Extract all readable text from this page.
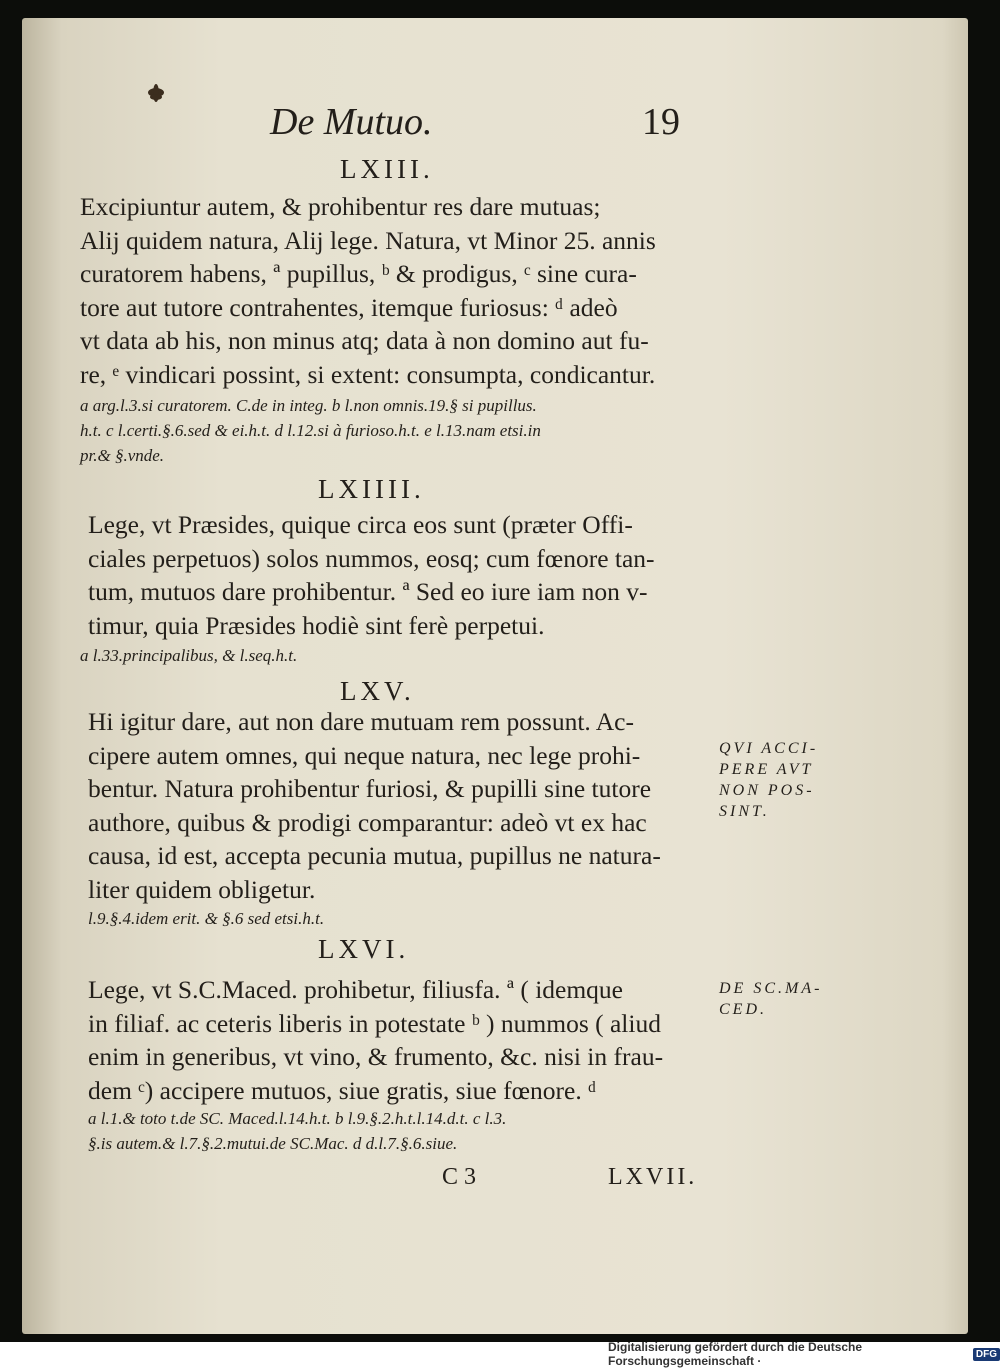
De Mutuo.	19
LXIII.
Excipiuntur autem, & prohibentur res dare mutuas;
Alij quidem natura, Alij lege. Natura, vt Minor 25. annis
curatorem habens, ª pupillus, ᵇ & prodigus, ᶜ sine cura-
tore aut tutore contrahentes, itemque furiosus: ᵈ adeò
vt data ab his, non minus atq; data à non domino aut fu-
re, ᵉ vindicari possint, si extent: consumpta, condicantur.
a arg.l.3.si curatorem. C.de in integ. b l.non omnis.19.§ si pupillus.
h.t. c l.certi.§.6.sed & ei.h.t. d l.12.si à furioso.h.t. e l.13.nam etsi.in
pr.& §.vnde.
LXIIII.
Lege, vt Præsides, quique circa eos sunt (præter Offi-
ciales perpetuos) solos nummos, eosq; cum fœnore tan-
tum, mutuos dare prohibentur. ª Sed eo iure iam non v-
timur, quia Præsides hodiè sint ferè perpetui.
a l.33.principalibus, & l.seq.h.t.
LXV.
Hi igitur dare, aut non dare mutuam rem possunt. Ac-
cipere autem omnes, qui neque natura, nec lege prohi-
bentur. Natura prohibentur furiosi, & pupilli sine tutore
authore, quibus & prodigi comparantur: adeò vt ex hac
causa, id est, accepta pecunia mutua, pupillus ne natura-
liter quidem obligetur.
QVI ACCI-
PERE AVT
NON POS-
SINT.
l.9.§.4.idem erit. & §.6 sed etsi.h.t.
LXVI.
Lege, vt S.C.Maced. prohibetur, filiusfa. ª ( idemque
in filiaf. ac ceteris liberis in potestate ᵇ ) nummos ( aliud
enim in generibus, vt vino, & frumento, &c. nisi in frau-
dem ᶜ) accipere mutuos, siue gratis, siue fœnore. ᵈ
DE SC.MA-
CED.
a l.1.& toto t.de SC. Maced.l.14.h.t. b l.9.§.2.h.t.l.14.d.t. c l.3.
§.is autem.& l.7.§.2.mutui.de SC.Mac. d d.l.7.§.6.siue.
C 3	LXVII.
Digitalisierung gefördert durch die Deutsche Forschungsgemeinschaft ·	DFG
